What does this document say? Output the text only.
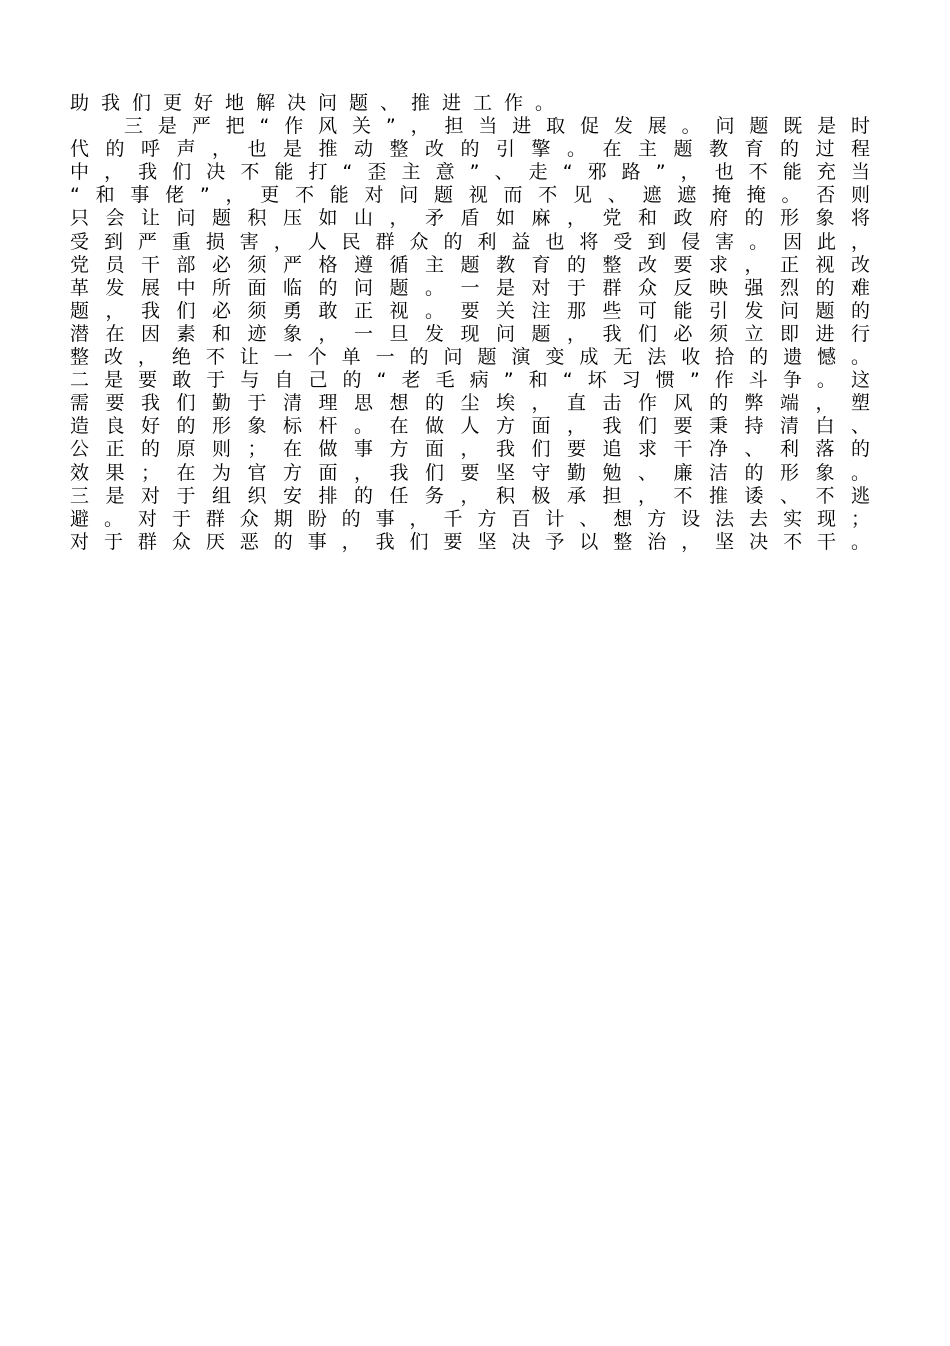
助我们更好地解决问题、推进工作。
三是严把“作风关”，担当进取促发展。问题既是时
代的呼声，也是推动整改的引擎。在主题教育的过程
中，我们决不能打“歪主意”、走“邪路”，也不能充当
“和事佬”，更不能对问题视而不见、遮遮掩掩。否则
只会让问题积压如山，矛盾如麻，党和政府的形象将
受到严重损害，人民群众的利益也将受到侵害。因此，
党员干部必须严格遵循主题教育的整改要求，正视改
革发展中所面临的问题。一是对于群众反映强烈的难
题，我们必须勇敢正视。要关注那些可能引发问题的
潜在因素和迹象，一旦发现问题，我们必须立即进行
整改，绝不让一个单一的问题演变成无法收拾的遗憾。
二是要敢于与自己的“老毛病”和“坏习惯”作斗争。这
需要我们勤于清理思想的尘埃，直击作风的弊端，塑
造良好的形象标杆。在做人方面，我们要秉持清白、
公正的原则；在做事方面，我们要追求干净、利落的
效果；在为官方面，我们要坚守勤勉、廉洁的形象。
三是对于组织安排的任务，积极承担，不推诿、不逃
避。对于群众期盼的事，千方百计、想方设法去实现；
对于群众厌恶的事，我们要坚决予以整治，坚决不干。
